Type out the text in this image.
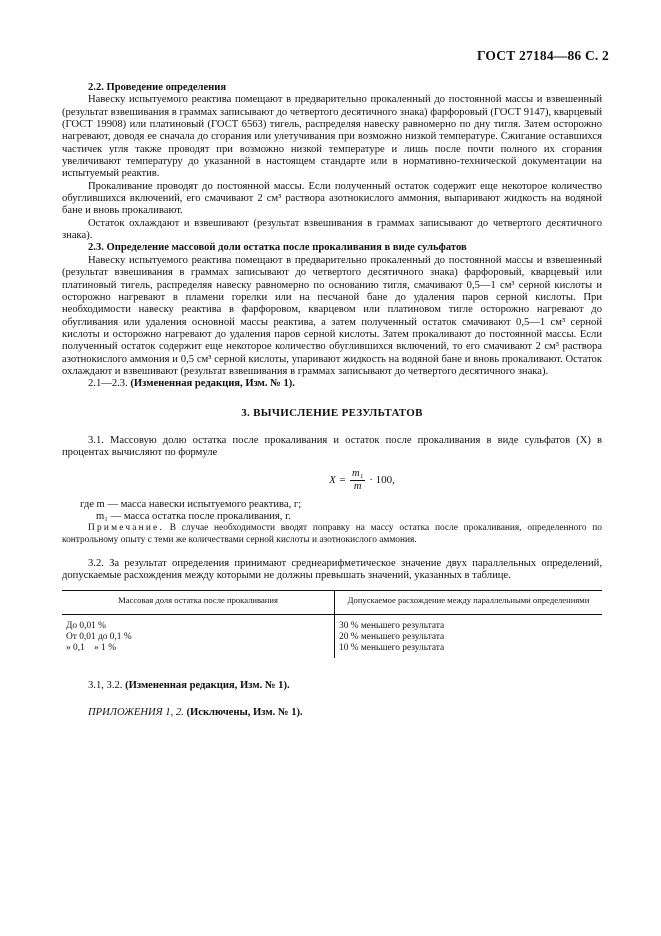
ГОСТ 27184—86 С. 2

2.2. Проведение определения

Навеску испытуемого реактива помещают в предварительно прокаленный до постоянной массы и взвешенный (результат взвешивания в граммах записывают до четвертого десятичного знака) фарфоровый (ГОСТ 9147), кварцевый (ГОСТ 19908) или платиновый (ГОСТ 6563) тигель, распределяя навеску равномерно по дну тигля. Затем осторожно нагревают, доводя ее сначала до сгорания или улетучивания при возможно низкой температуре. Сжигание оставшихся частичек угля также проводят при возможно низкой температуре и лишь после почти полного их сгорания увеличивают температуру до указанной в настоящем стандарте или в нормативно-технической документации на испытуемый реактив.

Прокаливание проводят до постоянной массы. Если полученный остаток содержит еще некоторое количество обуглившихся включений, его смачивают 2 см³ раствора азотнокислого аммония, выпаривают жидкость на водяной бане и вновь прокаливают.

Остаток охлаждают и взвешивают (результат взвешивания в граммах записывают до четвертого десятичного знака).

2.3. Определение массовой доли остатка после прокаливания в виде сульфатов

Навеску испытуемого реактива помещают в предварительно прокаленный до постоянной массы и взвешенный (результат взвешивания в граммах записывают до четвертого десятичного знака) фарфоровый, кварцевый или платиновый тигель, распределяя навеску равномерно по основанию тигля, смачивают 0,5—1 см³ серной кислоты и осторожно нагревают в пламени горелки или на песчаной бане до удаления паров серной кислоты. При необходимости навеску реактива в фарфоровом, кварцевом или платиновом тигле осторожно нагревают до обугливания или удаления основной массы реактива, а затем полученный остаток смачивают 0,5—1 см³ серной кислоты и осторожно нагревают до удаления паров серной кислоты. Затем прокаливают до постоянной массы. Если полученный остаток содержит еще некоторое количество обуглившихся включений, то его смачивают 2 см³ раствора азотнокислого аммония и 0,5 см³ серной кислоты, упаривают жидкость на водяной бане и вновь прокаливают. Остаток охлаждают и взвешивают (результат взвешивания в граммах записывают до четвертого десятичного знака).

2.1—2.3. (Измененная редакция, Изм. № 1).

3. ВЫЧИСЛЕНИЕ РЕЗУЛЬТАТОВ

3.1. Массовую долю остатка после прокаливания и остаток после прокаливания в виде сульфатов (X) в процентах вычисляют по формуле

$X = \frac{\text{m₁}}{m} \cdot 100$,
где m — масса навески испытуемого реактива, г;
m₁ — масса остатка после прокаливания, г.

Примечание. В случае необходимости вводят поправку на массу остатка после прокаливания, определенного по контрольному опыту с теми же количествами серной кислоты и азотнокислого аммония.

3.2. За результат определения принимают среднеарифметическое значение двух параллельных определений, допускаемые расхождения между которыми не должны превышать значений, указанных в таблице.

Массовая доля остатка после прокаливания	Допускаемое расхождение между параллельными определениями
До 0,01 %	30 % меньшего результата
От 0,01 до 0,1 %	20 % меньшего результата
» 0,1    » 1 %	10 % меньшего результата

3.1, 3.2. (Измененная редакция, Изм. № 1).

ПРИЛОЖЕНИЯ 1, 2. (Исключены, Изм. № 1).
